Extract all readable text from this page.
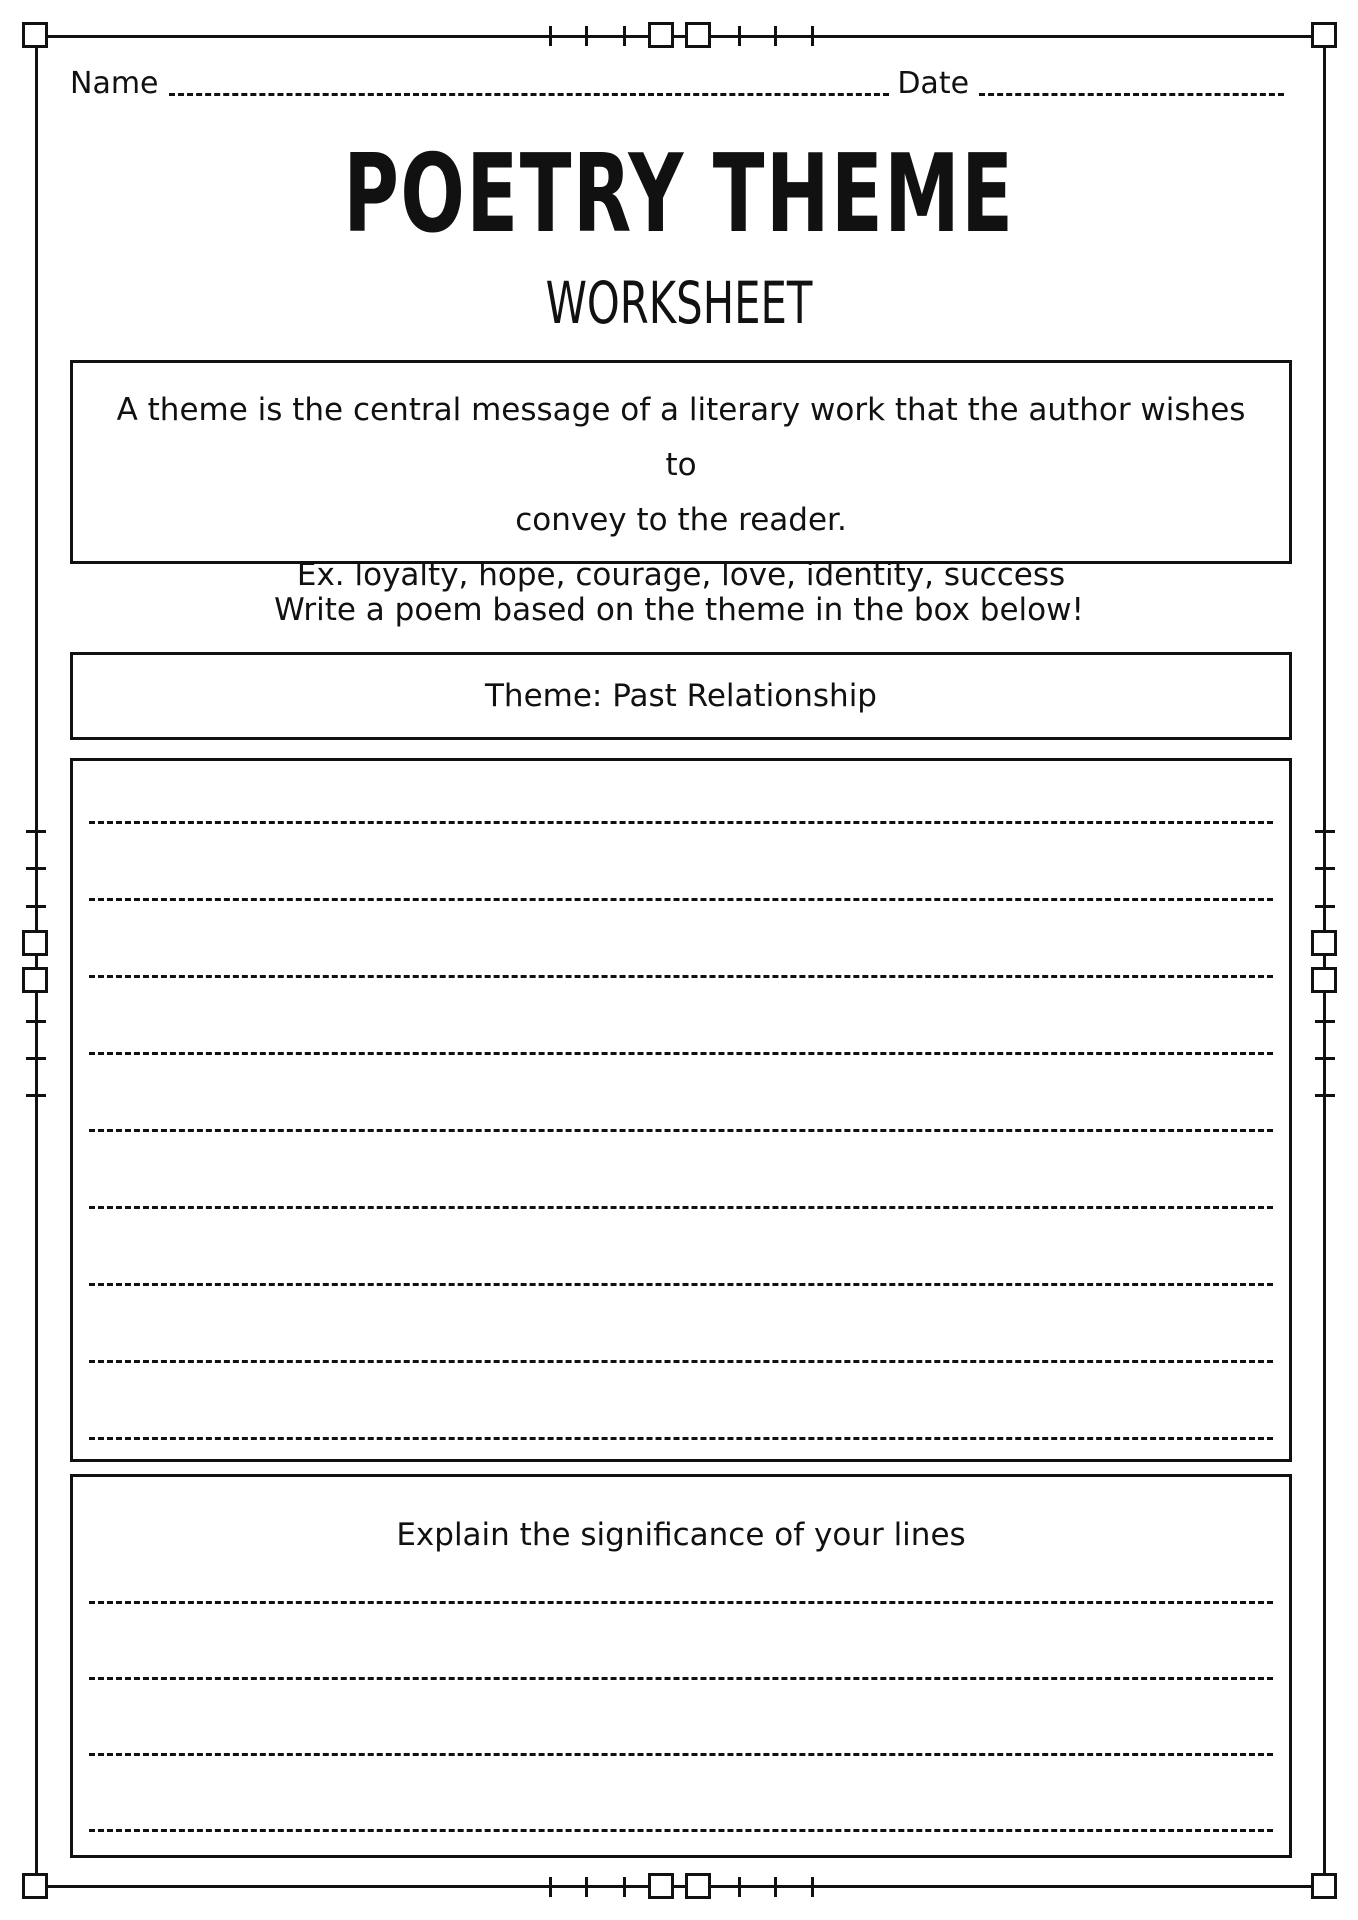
Name	Date
POETRY THEME
WORKSHEET
A theme is the central message of a literary work that the author wishes to
convey to the reader.
Ex. loyalty, hope, courage, love, identity, success
Write a poem based on the theme in the box below!
Theme: Past Relationship
Explain the significance of your lines
